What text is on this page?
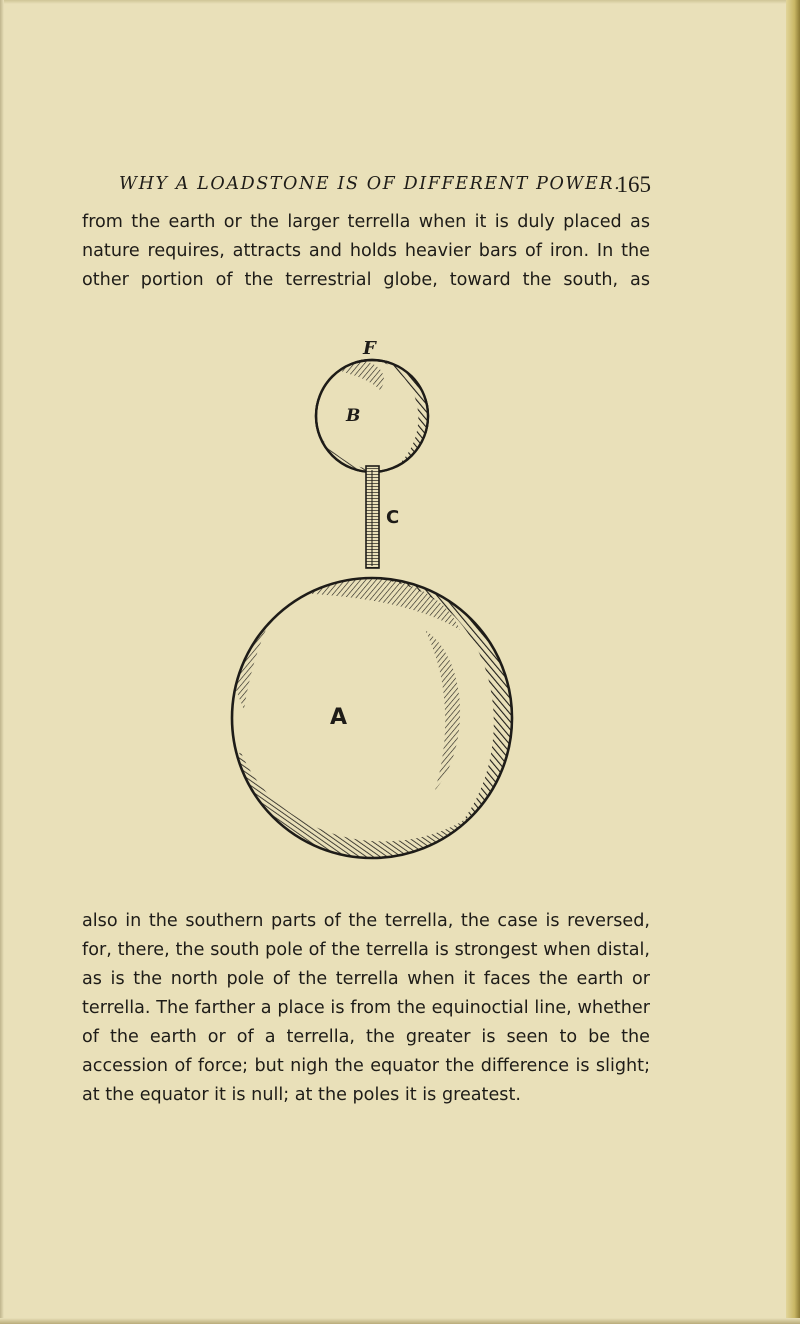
WHY A LOADSTONE IS OF DIFFERENT POWER.
165

from the earth or the larger terrella when it is duly placed as nature requires, attracts and holds heavier bars of iron. In the other portion of the terrestrial globe, toward the south, as

F
B
C
A

also in the southern parts of the terrella, the case is reversed, for, there, the south pole of the terrella is strongest when distal, as is the north pole of the terrella when it faces the earth or terrella. The farther a place is from the equinoctial line, whether of the earth or of a terrella, the greater is seen to be the accession of force; but nigh the equator the difference is slight; at the equator it is null; at the poles it is greatest.
